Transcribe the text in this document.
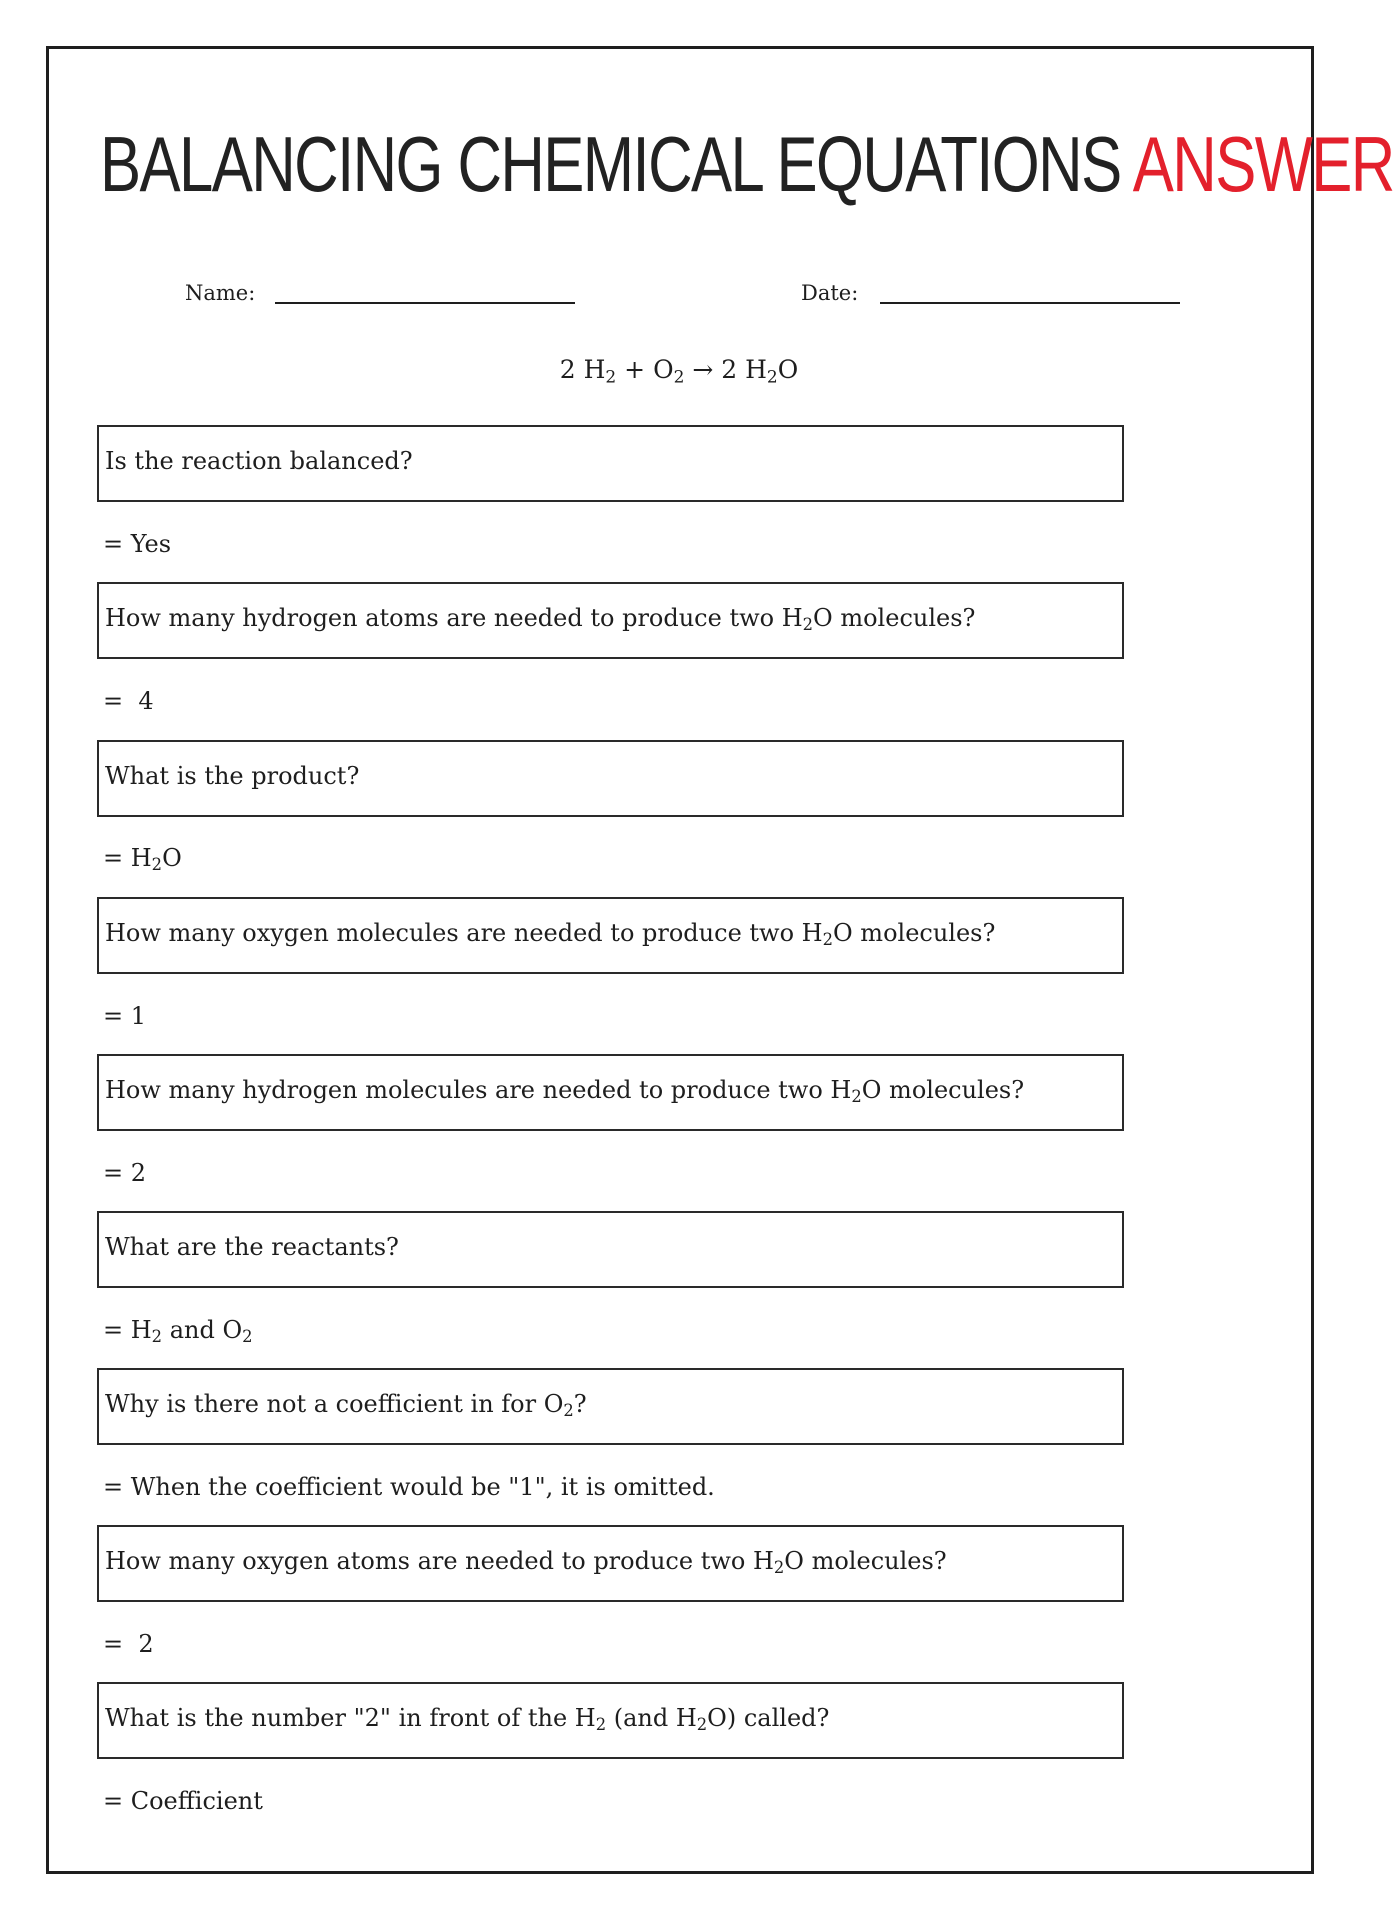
BALANCING CHEMICAL EQUATIONS ANSWER
Name:	Date:
2 $H_2 + O_2 \to 2$ $H_2O$
Is the reaction balanced?
= Yes
How many hydrogen atoms are needed to produce two $H_2O$ molecules?
=  4
What is the product?
= $H_2O$
How many oxygen molecules are needed to produce two $H_2O$ molecules?
= 1
How many hydrogen molecules are needed to produce two $H_2O$ molecules?
= 2
What are the reactants?
= $H_2$ and $O_2$
Why is there not a coefficient in for $O_2$?
= When the coefficient would be "1", it is omitted.
How many oxygen atoms are needed to produce two $H_2O$ molecules?
=  2
What is the number "2" in front of the $H_2$ (and $H_2O$) called?
= Coefficient
